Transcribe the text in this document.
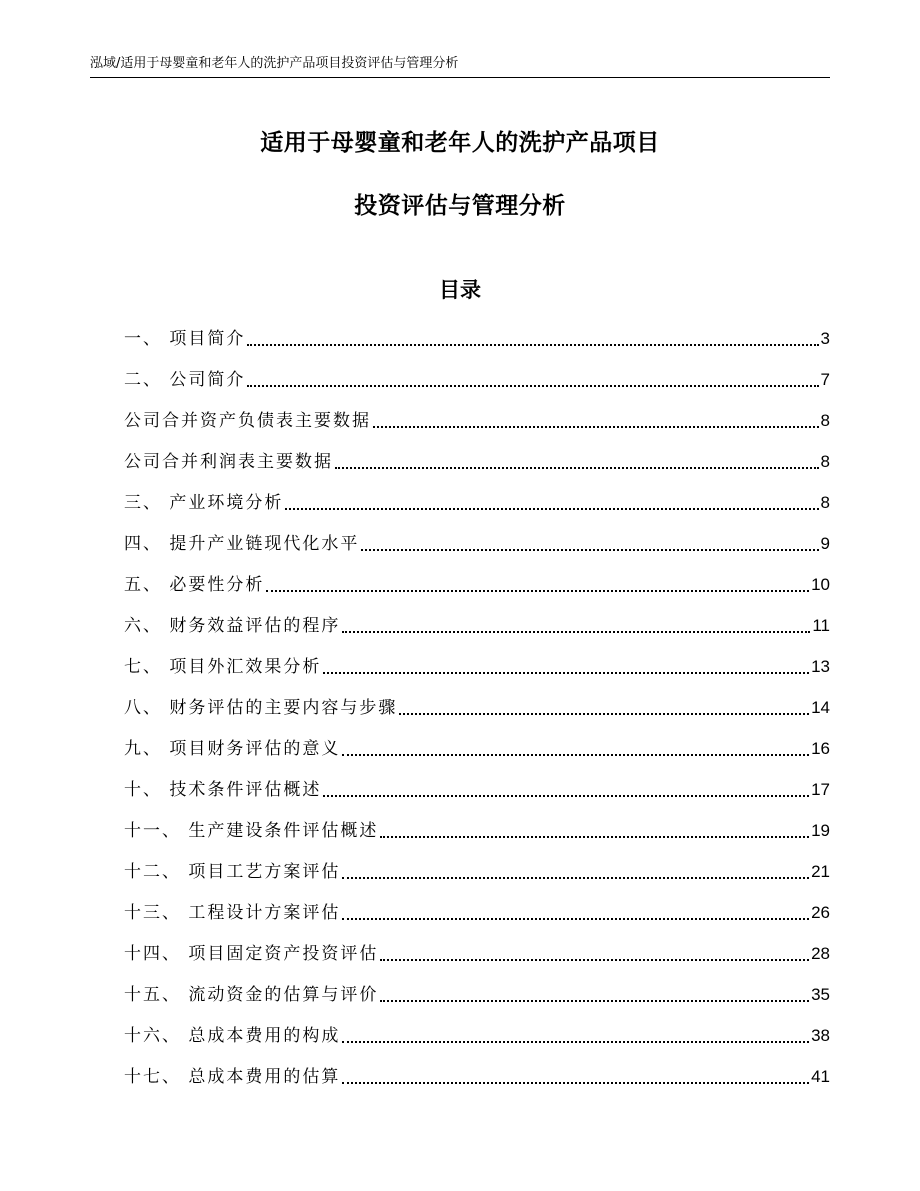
泓域/适用于母婴童和老年人的洗护产品项目投资评估与管理分析
适用于母婴童和老年人的洗护产品项目
投资评估与管理分析
目录
一、 项目简介	3
二、 公司简介	7
公司合并资产负债表主要数据	8
公司合并利润表主要数据	8
三、 产业环境分析	8
四、 提升产业链现代化水平	9
五、 必要性分析	10
六、 财务效益评估的程序	11
七、 项目外汇效果分析	13
八、 财务评估的主要内容与步骤	14
九、 项目财务评估的意义	16
十、 技术条件评估概述	17
十一、 生产建设条件评估概述	19
十二、 项目工艺方案评估	21
十三、 工程设计方案评估	26
十四、 项目固定资产投资评估	28
十五、 流动资金的估算与评价	35
十六、 总成本费用的构成	38
十七、 总成本费用的估算	41
